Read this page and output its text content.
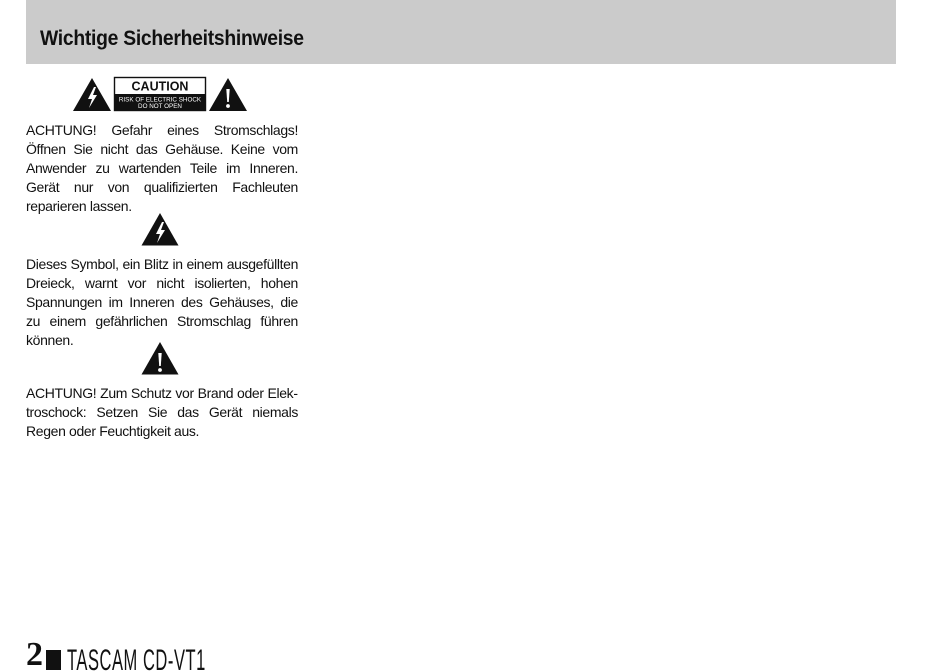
Wichtige Sicherheitshinweise
CAUTION
RISK OF ELECTRIC SHOCK
DO NOT OPEN

ACHTUNG! Gefahr eines Stromschlags! Öffnen Sie nicht das Gehäuse. Keine vom Anwender zu wartenden Teile im Inneren. Gerät nur von qualifizierten Fachleuten reparieren lassen.

Dieses Symbol, ein Blitz in einem ausgefüllten Dreieck, warnt vor nicht isolierten, hohen Spannungen im Inneren des Gehäuses, die zu einem gefährlichen Stromschlag führen können.

ACHTUNG! Zum Schutz vor Brand oder Elektroschock: Setzen Sie das Gerät niemals Regen oder Feuchtigkeit aus.

2 TASCAM CD-VT1
